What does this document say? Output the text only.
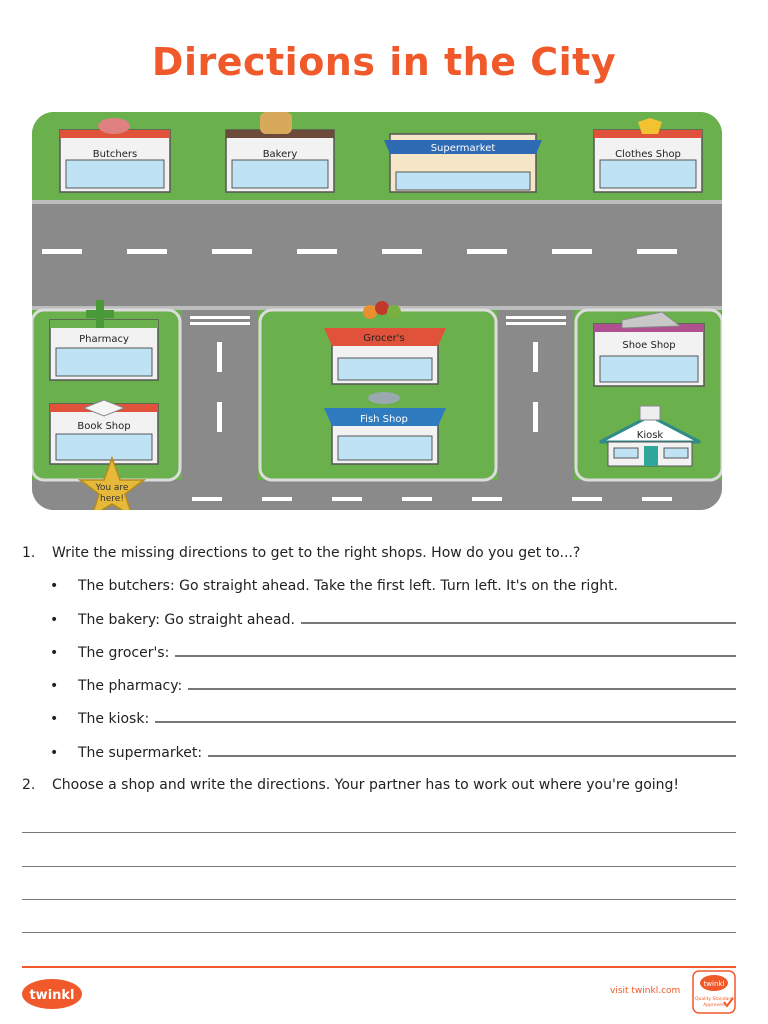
Directions in the City
Butchers	Bakery
Supermarket
Clothes Shop
Pharmacy
Book Shop
You are
here!
Grocer's
Fish Shop
Shoe Shop
Kiosk
1. Write the missing directions to get to the right shops. How do you get to...?
•	The butchers: Go straight ahead. Take the first left. Turn left. It's on the right.
•	The bakery: Go straight ahead.
•	The grocer's:
•	The pharmacy:
•	The kiosk:
•	The supermarket:
2. Choose a shop and write the directions. Your partner has to work out where you're going!
twinkl	visit twinkl.com
twinkl
Quality Standard
Approved
